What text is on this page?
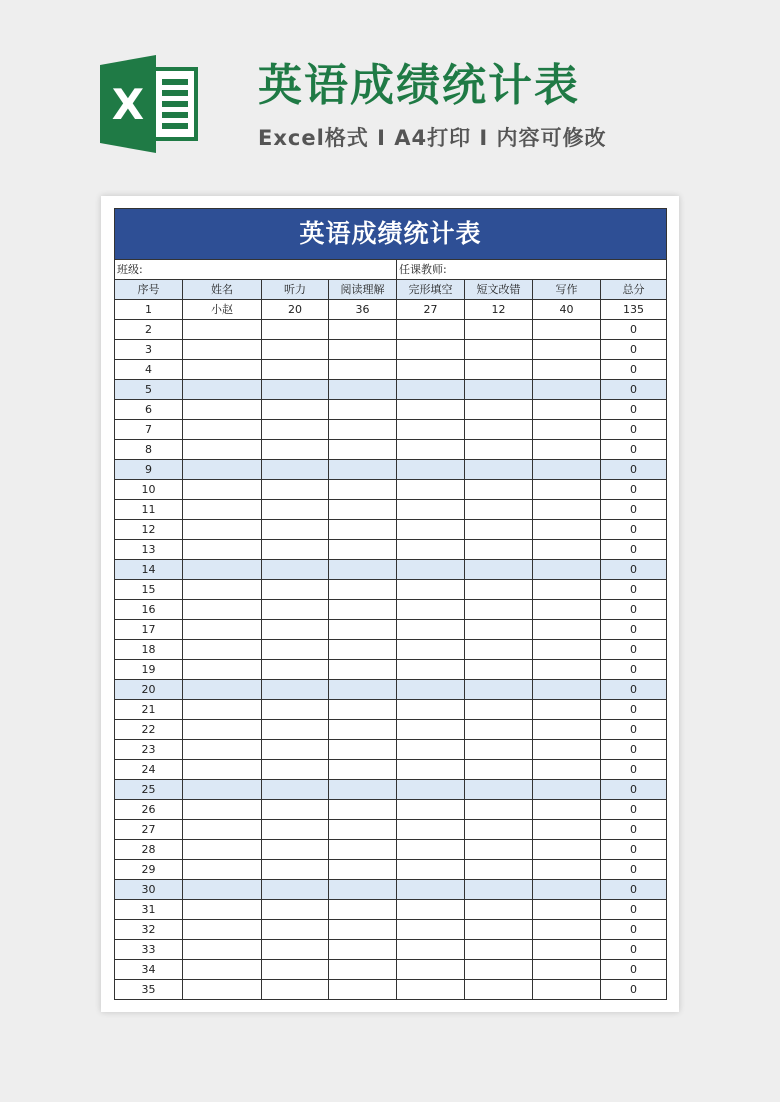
X	英语成绩统计表
Excel格式 I A4打印 I 内容可修改
英语成绩统计表							
班级:				任课教师:			
序号	姓名	听力	阅读理解	完形填空	短文改错	写作	总分
1	小赵	20	36	27	12	40	135
2							0
3							0
4							0
5							0
6							0
7							0
8							0
9							0
10							0
11							0
12							0
13							0
14							0
15							0
16							0
17							0
18							0
19							0
20							0
21							0
22							0
23							0
24							0
25							0
26							0
27							0
28							0
29							0
30							0
31							0
32							0
33							0
34							0
35							0
